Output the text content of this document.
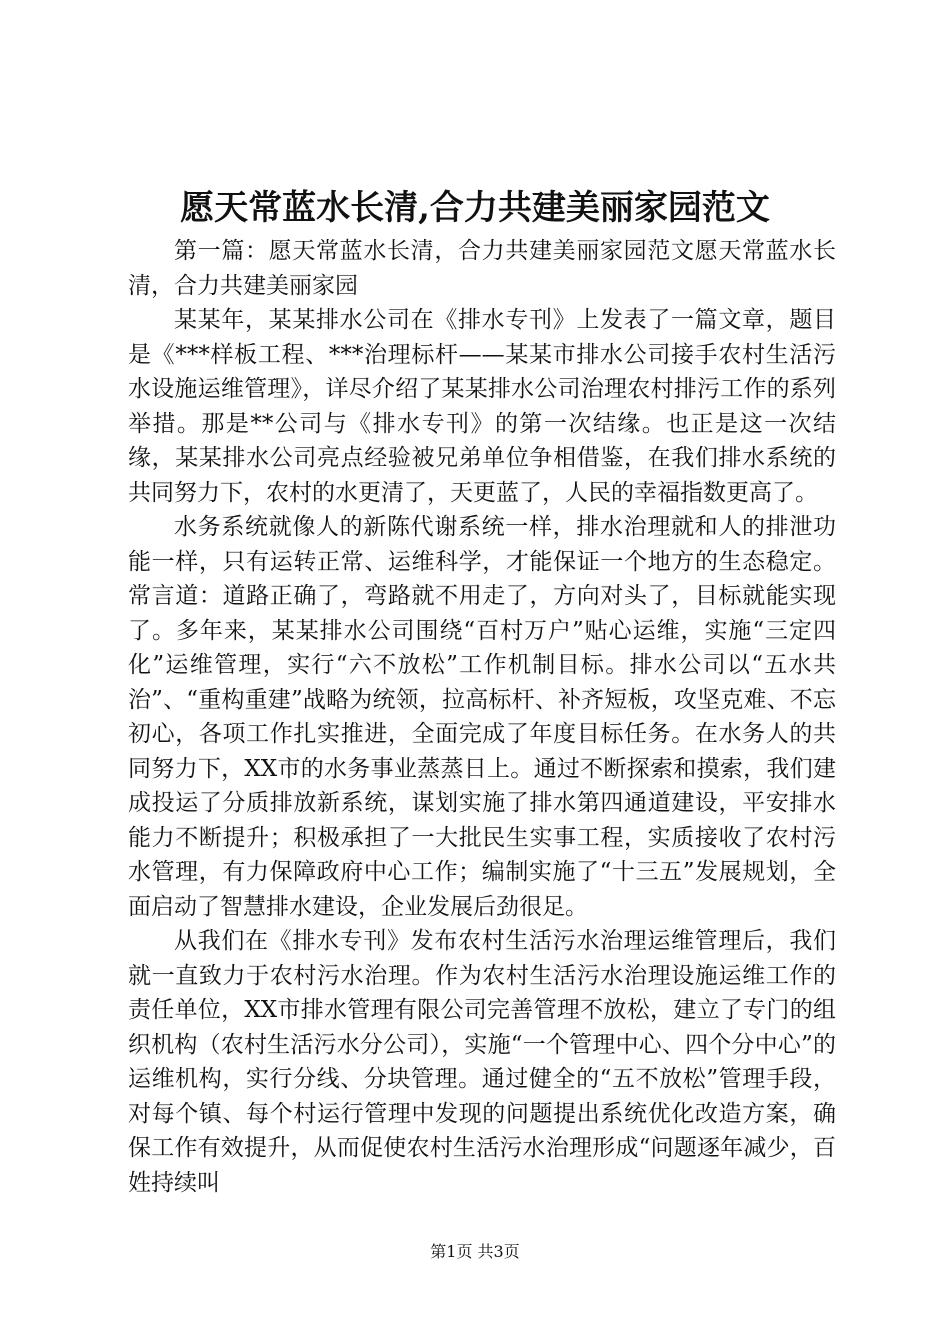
愿天常蓝水长清,合力共建美丽家园范文

第一篇：愿天常蓝水长清，合力共建美丽家园范文愿天常蓝水长清，合力共建美丽家园

某某年，某某排水公司在《排水专刊》上发表了一篇文章，题目是《***样板工程、***治理标杆——某某市排水公司接手农村生活污水设施运维管理》，详尽介绍了某某排水公司治理农村排污工作的系列举措。那是**公司与《排水专刊》的第一次结缘。也正是这一次结缘，某某排水公司亮点经验被兄弟单位争相借鉴，在我们排水系统的共同努力下，农村的水更清了，天更蓝了，人民的幸福指数更高了。

水务系统就像人的新陈代谢系统一样，排水治理就和人的排泄功能一样，只有运转正常、运维科学，才能保证一个地方的生态稳定。常言道：道路正确了，弯路就不用走了，方向对头了，目标就能实现了。多年来，某某排水公司围绕“百村万户”贴心运维，实施“三定四化”运维管理，实行“六不放松”工作机制目标。排水公司以“五水共治”、“重构重建”战略为统领，拉高标杆、补齐短板，攻坚克难、不忘初心，各项工作扎实推进，全面完成了年度目标任务。在水务人的共同努力下，XX市的水务事业蒸蒸日上。通过不断探索和摸索，我们建成投运了分质排放新系统，谋划实施了排水第四通道建设，平安排水能力不断提升；积极承担了一大批民生实事工程，实质接收了农村污水管理，有力保障政府中心工作；编制实施了“十三五”发展规划，全面启动了智慧排水建设，企业发展后劲很足。

从我们在《排水专刊》发布农村生活污水治理运维管理后，我们就一直致力于农村污水治理。作为农村生活污水治理设施运维工作的责任单位，XX市排水管理有限公司完善管理不放松，建立了专门的组织机构（农村生活污水分公司），实施“一个管理中心、四个分中心”的运维机构，实行分线、分块管理。通过健全的“五不放松”管理手段，对每个镇、每个村运行管理中发现的问题提出系统优化改造方案，确保工作有效提升，从而促使农村生活污水治理形成“问题逐年减少，百姓持续叫

第1页 共3页
